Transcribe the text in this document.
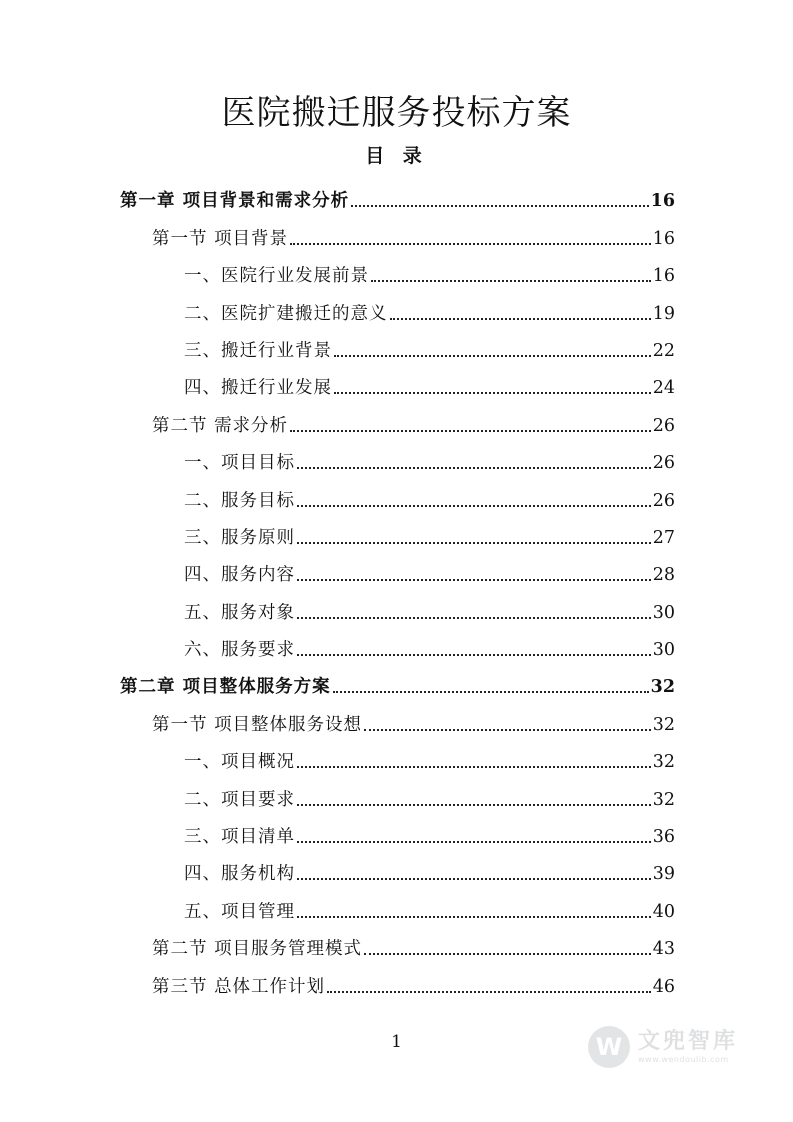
医院搬迁服务投标方案
目 录
第一章 项目背景和需求分析	16
第一节 项目背景	16
一、医院行业发展前景	16
二、医院扩建搬迁的意义	19
三、搬迁行业背景	22
四、搬迁行业发展	24
第二节 需求分析	26
一、项目目标	26
二、服务目标	26
三、服务原则	27
四、服务内容	28
五、服务对象	30
六、服务要求	30
第二章 项目整体服务方案	32
第一节 项目整体服务设想	32
一、项目概况	32
二、项目要求	32
三、项目清单	36
四、服务机构	39
五、项目管理	40
第二节 项目服务管理模式	43
第三节 总体工作计划	46
1	W 文兜智库
www.wendoulib.com
